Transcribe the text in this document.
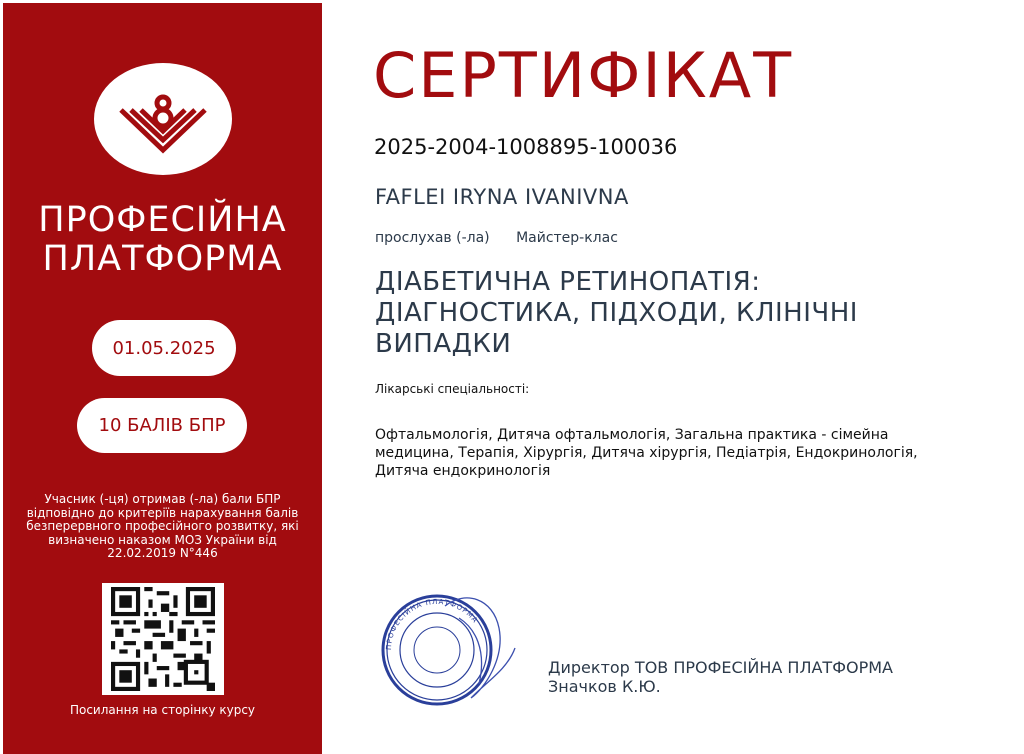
ПРОФЕСІЙНА
ПЛАТФОРМА
01.05.2025
10 БАЛІВ БПР
Учасник (-ця) отримав (-ла) бали БПР відповідно до критеріїв нарахування балів безперервного професійного розвитку, які визначено наказом МОЗ України від 22.02.2019 N°446
Посилання на сторінку курсу
СЕРТИФІКАТ
2025-2004-1008895-100036
FAFLEI IRYNA IVANIVNA
прослухав (-ла) Майстер-клас
ДІАБЕТИЧНА РЕТИНОПАТІЯ: ДІАГНОСТИКА, ПІДХОДИ, КЛІНІЧНІ ВИПАДКИ
Лікарські спеціальності:
Офтальмологія, Дитяча офтальмологія, Загальна практика - сімейна медицина, Терапія, Хірургія, Дитяча хірургія, Педіатрія, Ендокринологія, Дитяча ендокринологія
ПРОФЕСІЙНА ПЛАТФОРМА
Директор ТОВ ПРОФЕСІЙНА ПЛАТФОРМА
Значков К.Ю.
